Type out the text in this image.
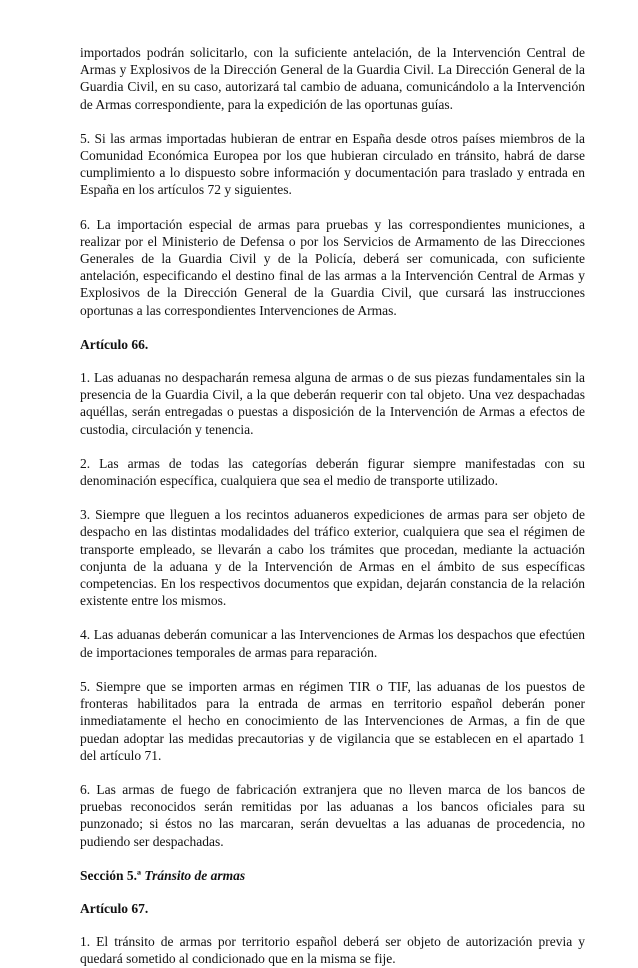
importados podrán solicitarlo, con la suficiente antelación, de la Intervención Central de Armas y Explosivos de la Dirección General de la Guardia Civil. La Dirección General de la Guardia Civil, en su caso, autorizará tal cambio de aduana, comunicándolo a la Intervención de Armas correspondiente, para la expedición de las oportunas guías.

5. Si las armas importadas hubieran de entrar en España desde otros países miembros de la Comunidad Económica Europea por los que hubieran circulado en tránsito, habrá de darse cumplimiento a lo dispuesto sobre información y documentación para traslado y entrada en España en los artículos 72 y siguientes.

6. La importación especial de armas para pruebas y las correspondientes municiones, a realizar por el Ministerio de Defensa o por los Servicios de Armamento de las Direcciones Generales de la Guardia Civil y de la Policía, deberá ser comunicada, con suficiente antelación, especificando el destino final de las armas a la Intervención Central de Armas y Explosivos de la Dirección General de la Guardia Civil, que cursará las instrucciones oportunas a las correspondientes Intervenciones de Armas.

Artículo 66.

1. Las aduanas no despacharán remesa alguna de armas o de sus piezas fundamentales sin la presencia de la Guardia Civil, a la que deberán requerir con tal objeto. Una vez despachadas aquéllas, serán entregadas o puestas a disposición de la Intervención de Armas a efectos de custodia, circulación y tenencia.

2. Las armas de todas las categorías deberán figurar siempre manifestadas con su denominación específica, cualquiera que sea el medio de transporte utilizado.

3. Siempre que lleguen a los recintos aduaneros expediciones de armas para ser objeto de despacho en las distintas modalidades del tráfico exterior, cualquiera que sea el régimen de transporte empleado, se llevarán a cabo los trámites que procedan, mediante la actuación conjunta de la aduana y de la Intervención de Armas en el ámbito de sus específicas competencias. En los respectivos documentos que expidan, dejarán constancia de la relación existente entre los mismos.

4. Las aduanas deberán comunicar a las Intervenciones de Armas los despachos que efectúen de importaciones temporales de armas para reparación.

5. Siempre que se importen armas en régimen TIR o TIF, las aduanas de los puestos de fronteras habilitados para la entrada de armas en territorio español deberán poner inmediatamente el hecho en conocimiento de las Intervenciones de Armas, a fin de que puedan adoptar las medidas precautorias y de vigilancia que se establecen en el apartado 1 del artículo 71.

6. Las armas de fuego de fabricación extranjera que no lleven marca de los bancos de pruebas reconocidos serán remitidas por las aduanas a los bancos oficiales para su punzonado; si éstos no las marcaran, serán devueltas a las aduanas de procedencia, no pudiendo ser despachadas.

Sección 5.ª Tránsito de armas
Artículo 67.

1. El tránsito de armas por territorio español deberá ser objeto de autorización previa y quedará sometido al condicionado que en la misma se fije.
